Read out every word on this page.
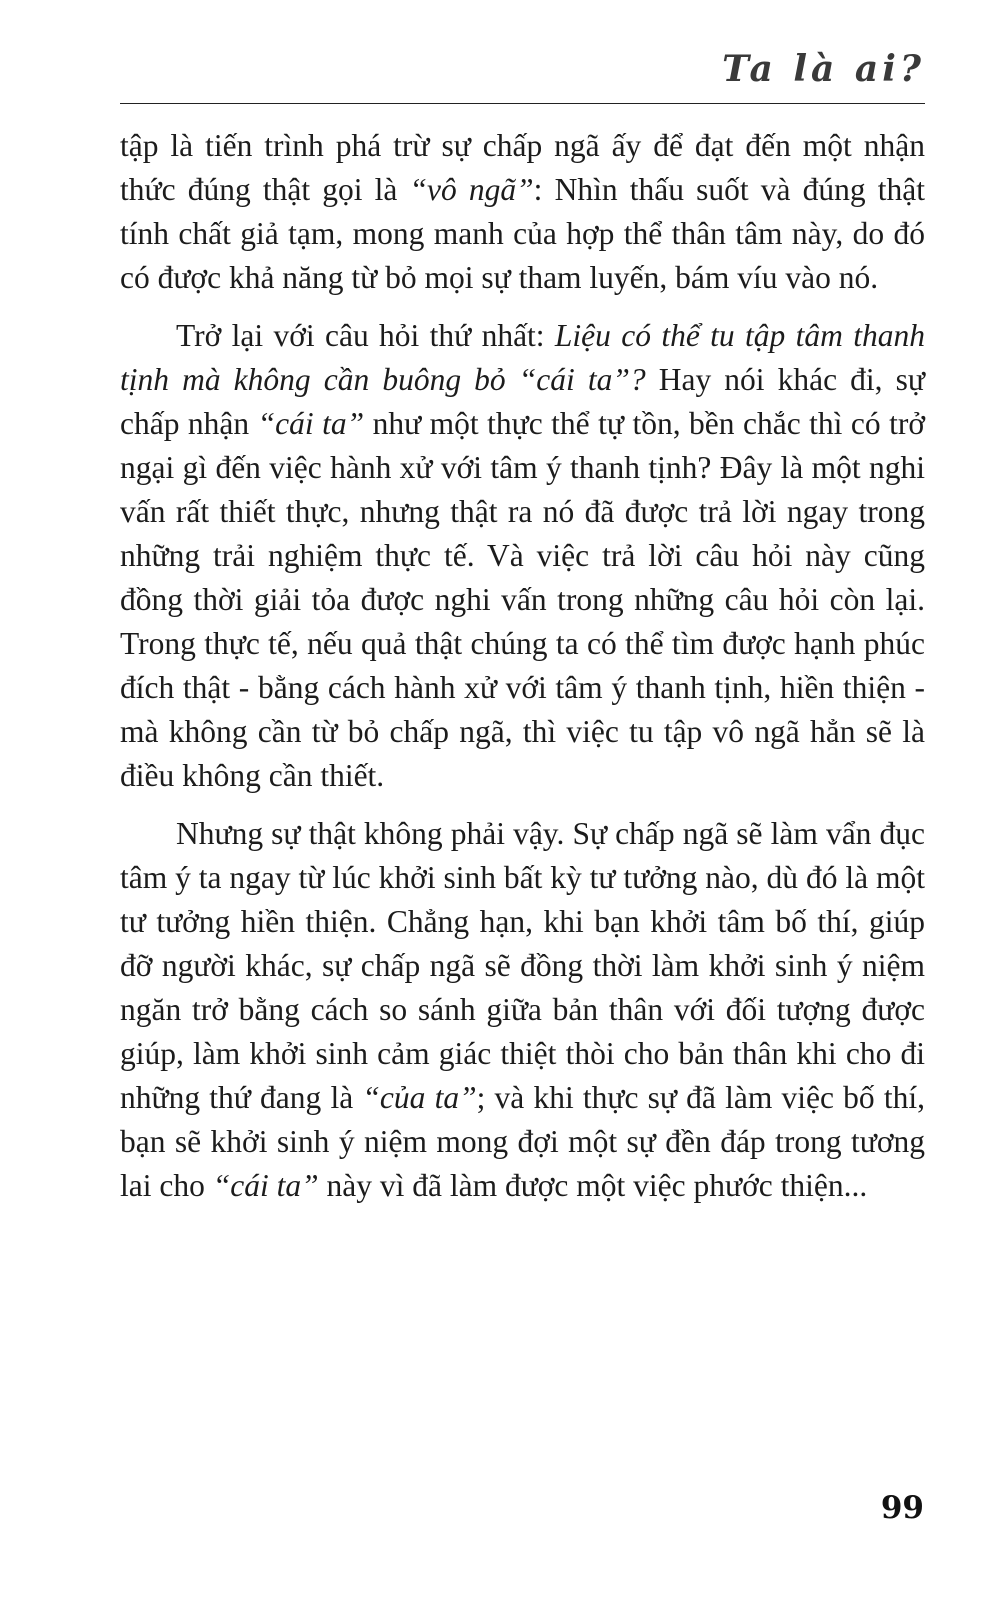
Ta là ai?

tập là tiến trình phá trừ sự chấp ngã ấy để đạt đến một nhận thức đúng thật gọi là “vô ngã”: Nhìn thấu suốt và đúng thật tính chất giả tạm, mong manh của hợp thể thân tâm này, do đó có được khả năng từ bỏ mọi sự tham luyến, bám víu vào nó.

Trở lại với câu hỏi thứ nhất: Liệu có thể tu tập tâm thanh tịnh mà không cần buông bỏ “cái ta”? Hay nói khác đi, sự chấp nhận “cái ta” như một thực thể tự tồn, bền chắc thì có trở ngại gì đến việc hành xử với tâm ý thanh tịnh? Đây là một nghi vấn rất thiết thực, nhưng thật ra nó đã được trả lời ngay trong những trải nghiệm thực tế. Và việc trả lời câu hỏi này cũng đồng thời giải tỏa được nghi vấn trong những câu hỏi còn lại. Trong thực tế, nếu quả thật chúng ta có thể tìm được hạnh phúc đích thật - bằng cách hành xử với tâm ý thanh tịnh, hiền thiện - mà không cần từ bỏ chấp ngã, thì việc tu tập vô ngã hẳn sẽ là điều không cần thiết.

Nhưng sự thật không phải vậy. Sự chấp ngã sẽ làm vẩn đục tâm ý ta ngay từ lúc khởi sinh bất kỳ tư tưởng nào, dù đó là một tư tưởng hiền thiện. Chẳng hạn, khi bạn khởi tâm bố thí, giúp đỡ người khác, sự chấp ngã sẽ đồng thời làm khởi sinh ý niệm ngăn trở bằng cách so sánh giữa bản thân với đối tượng được giúp, làm khởi sinh cảm giác thiệt thòi cho bản thân khi cho đi những thứ đang là “của ta”; và khi thực sự đã làm việc bố thí, bạn sẽ khởi sinh ý niệm mong đợi một sự đền đáp trong tương lai cho “cái ta” này vì đã làm được một việc phước thiện...

99
